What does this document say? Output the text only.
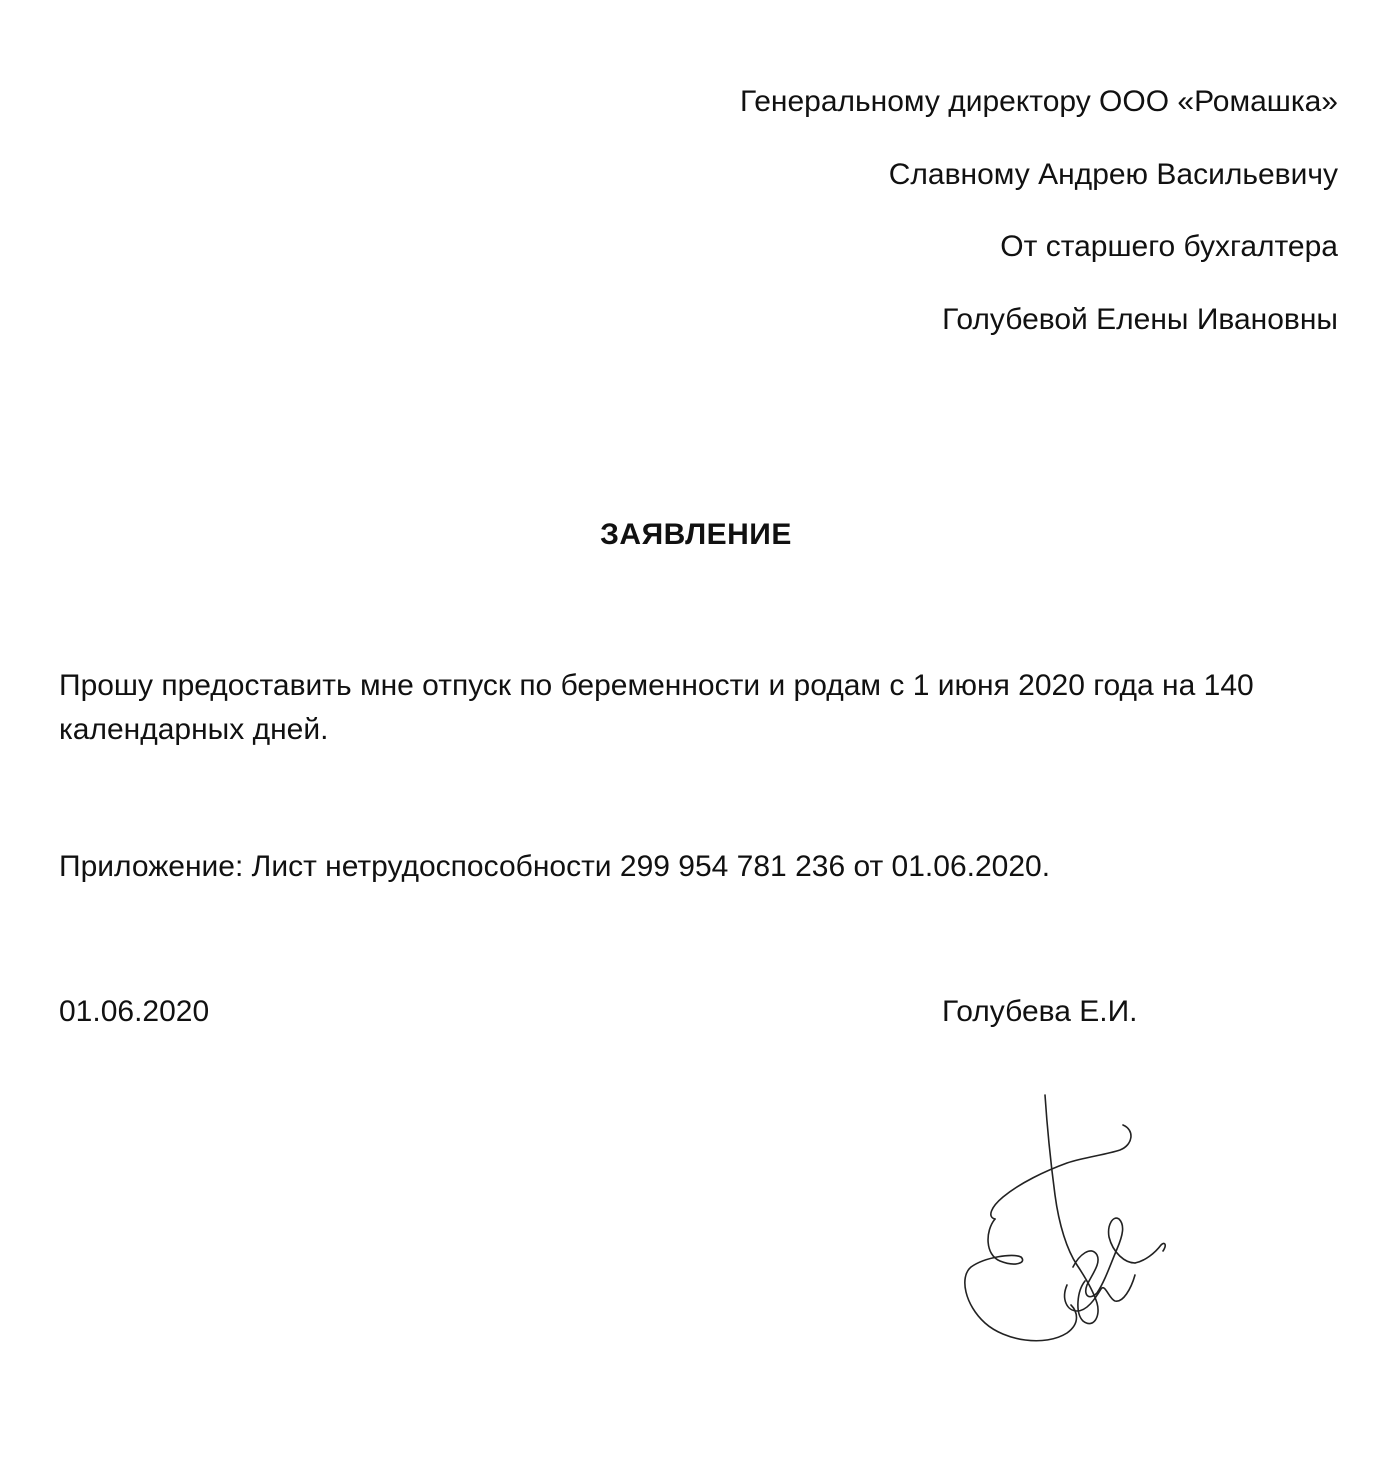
Генеральному директору ООО «Ромашка»
Славному Андрею Васильевичу
От старшего бухгалтера
Голубевой Елены Ивановны
ЗАЯВЛЕНИЕ
Прошу предоставить мне отпуск по беременности и родам с 1 июня 2020 года на 140 календарных дней.
Приложение: Лист нетрудоспособности 299 954 781 236 от 01.06.2020.
01.06.2020	Голубева Е.И.
